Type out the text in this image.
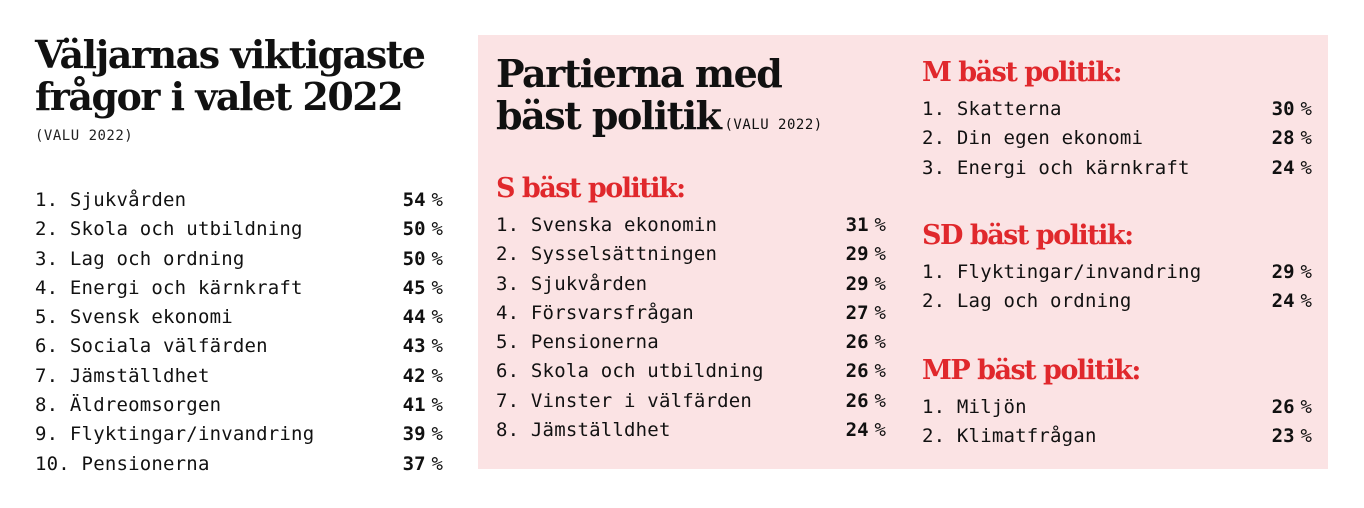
Väljarnas viktigaste
frågor i valet 2022
(VALU 2022)
1. Sjukvården	54 %
2. Skola och utbildning	50 %
3. Lag och ordning	50 %
4. Energi och kärnkraft	45 %
5. Svensk ekonomi	44 %
6. Sociala välfärden	43 %
7. Jämställdhet	42 %
8. Äldreomsorgen	41 %
9. Flyktingar/invandring	39 %
10. Pensionerna	37 %
Partierna med
bäst politik (VALU 2022)
S bäst politik:
1. Svenska ekonomin	31 %
2. Sysselsättningen	29 %
3. Sjukvården	29 %
4. Försvarsfrågan	27 %
5. Pensionerna	26 %
6. Skola och utbildning	26 %
7. Vinster i välfärden	26 %
8. Jämställdhet	24 %
M bäst politik:
1. Skatterna	30 %
2. Din egen ekonomi	28 %
3. Energi och kärnkraft	24 %
SD bäst politik:
1. Flyktingar/invandring	29 %
2. Lag och ordning	24 %
MP bäst politik:
1. Miljön	26 %
2. Klimatfrågan	23 %
